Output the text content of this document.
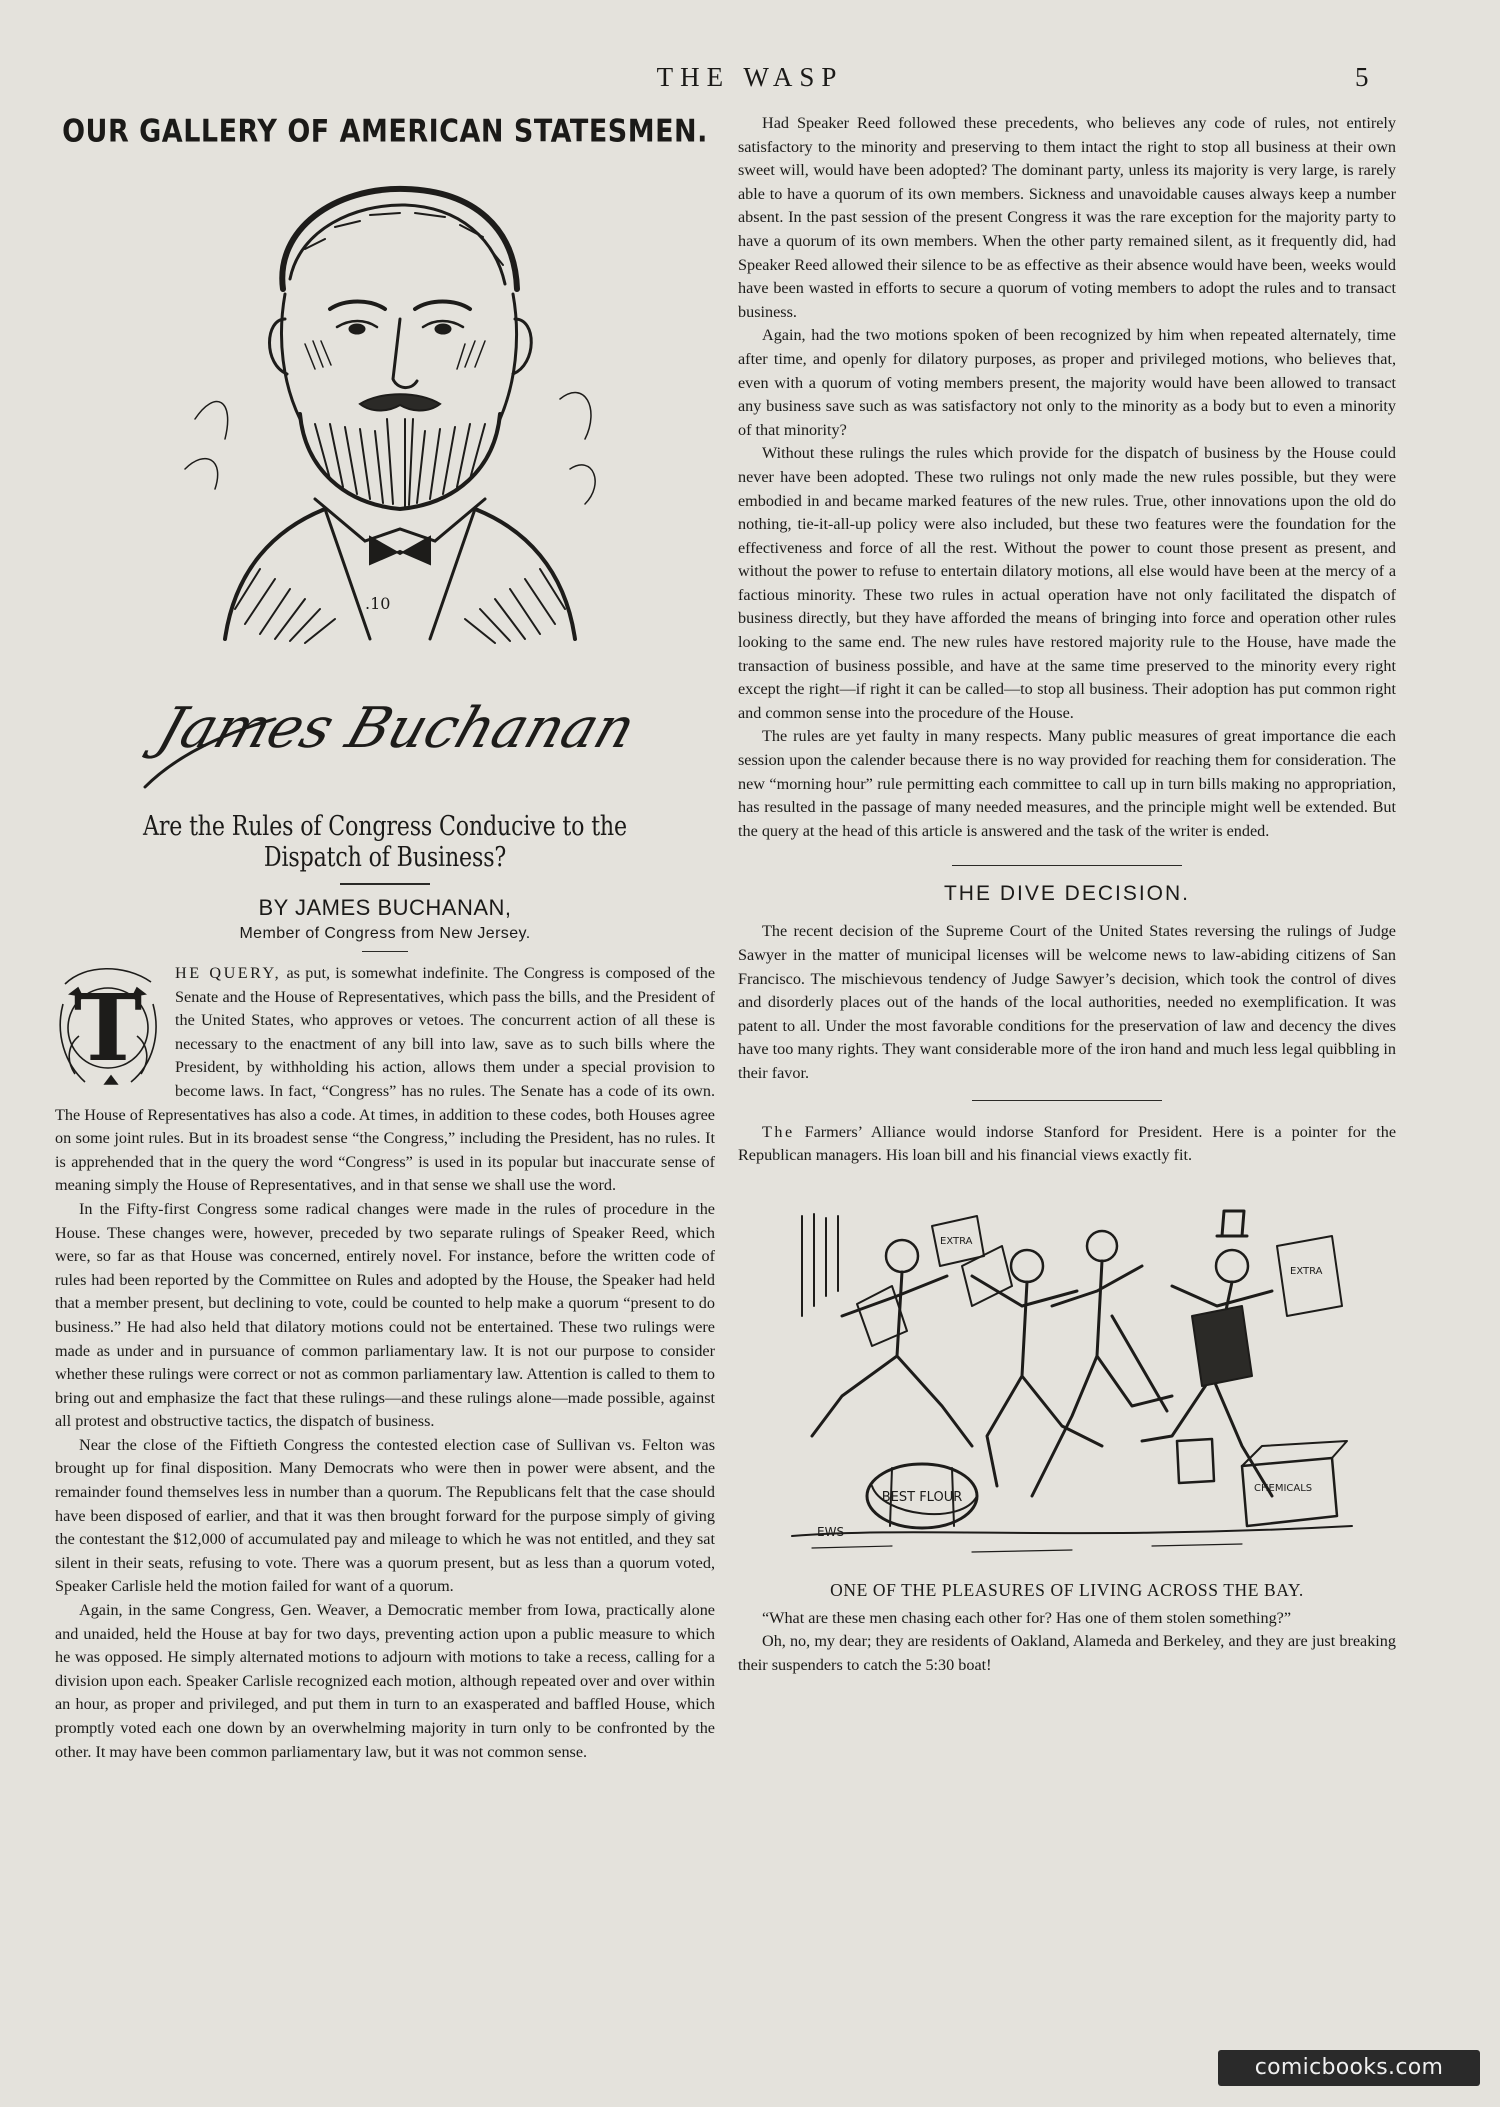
THE WASP	5
OUR GALLERY OF AMERICAN STATESMEN.
.10
James Buchanan
Are the Rules of Congress Conducive to the Dispatch of Business?
BY JAMES BUCHANAN,
Member of Congress from New Jersey.
T

HE QUERY, as put, is somewhat indefinite. The Congress is composed of the Senate and the House of Representatives, which pass the bills, and the President of the United States, who approves or vetoes. The concurrent action of all these is necessary to the enactment of any bill into law, save as to such bills where the President, by withholding his action, allows them under a special provision to become laws. In fact, “Congress” has no rules. The Senate has a code of its own. The House of Representatives has also a code. At times, in addition to these codes, both Houses agree on some joint rules. But in its broadest sense “the Congress,” including the President, has no rules. It is apprehended that in the query the word “Congress” is used in its popular but inaccurate sense of meaning simply the House of Representatives, and in that sense we shall use the word.

In the Fifty-first Congress some radical changes were made in the rules of procedure in the House. These changes were, however, preceded by two separate rulings of Speaker Reed, which were, so far as that House was concerned, entirely novel. For instance, before the written code of rules had been reported by the Committee on Rules and adopted by the House, the Speaker had held that a member present, but declining to vote, could be counted to help make a quorum “present to do business.” He had also held that dilatory motions could not be entertained. These two rulings were made as under and in pursuance of common parliamentary law. It is not our purpose to consider whether these rulings were correct or not as common parliamentary law. Attention is called to them to bring out and emphasize the fact that these rulings—and these rulings alone—made possible, against all protest and obstructive tactics, the dispatch of business.

Near the close of the Fiftieth Congress the contested election case of Sullivan vs. Felton was brought up for final disposition. Many Democrats who were then in power were absent, and the remainder found themselves less in number than a quorum. The Republicans felt that the case should have been disposed of earlier, and that it was then brought forward for the purpose simply of giving the contestant the $12,000 of accumulated pay and mileage to which he was not entitled, and they sat silent in their seats, refusing to vote. There was a quorum present, but as less than a quorum voted, Speaker Carlisle held the motion failed for want of a quorum.

Again, in the same Congress, Gen. Weaver, a Democratic member from Iowa, practically alone and unaided, held the House at bay for two days, preventing action upon a public measure to which he was opposed. He simply alternated motions to adjourn with motions to take a recess, calling for a division upon each. Speaker Carlisle recognized each motion, although repeated over and over within an hour, as proper and privileged, and put them in turn to an exasperated and baffled House, which promptly voted each one down by an overwhelming majority in turn only to be confronted by the other. It may have been common parliamentary law, but it was not common sense.

Had Speaker Reed followed these precedents, who believes any code of rules, not entirely satisfactory to the minority and preserving to them intact the right to stop all business at their own sweet will, would have been adopted? The dominant party, unless its majority is very large, is rarely able to have a quorum of its own members. Sickness and unavoidable causes always keep a number absent. In the past session of the present Congress it was the rare exception for the majority party to have a quorum of its own members. When the other party remained silent, as it frequently did, had Speaker Reed allowed their silence to be as effective as their absence would have been, weeks would have been wasted in efforts to secure a quorum of voting members to adopt the rules and to transact business.

Again, had the two motions spoken of been recognized by him when repeated alternately, time after time, and openly for dilatory purposes, as proper and privileged motions, who believes that, even with a quorum of voting members present, the majority would have been allowed to transact any business save such as was satisfactory not only to the minority as a body but to even a minority of that minority?

Without these rulings the rules which provide for the dispatch of business by the House could never have been adopted. These two rulings not only made the new rules possible, but they were embodied in and became marked features of the new rules. True, other innovations upon the old do nothing, tie-it-all-up policy were also included, but these two features were the foundation for the effectiveness and force of all the rest. Without the power to count those present as present, and without the power to refuse to entertain dilatory motions, all else would have been at the mercy of a factious minority. These two rules in actual operation have not only facilitated the dispatch of business directly, but they have afforded the means of bringing into force and operation other rules looking to the same end. The new rules have restored majority rule to the House, have made the transaction of business possible, and have at the same time preserved to the minority every right except the right—if right it can be called—to stop all business. Their adoption has put common right and common sense into the procedure of the House.

The rules are yet faulty in many respects. Many public measures of great importance die each session upon the calender because there is no way provided for reaching them for consideration. The new “morning hour” rule permitting each committee to call up in turn bills making no appropriation, has resulted in the passage of many needed measures, and the principle might well be extended. But the query at the head of this article is answered and the task of the writer is ended.

THE DIVE DECISION.

The recent decision of the Supreme Court of the United States reversing the rulings of Judge Sawyer in the matter of municipal licenses will be welcome news to law-abiding citizens of San Francisco. The mischievous tendency of Judge Sawyer’s decision, which took the control of dives and disorderly places out of the hands of the local authorities, needed no exemplification. It was patent to all. Under the most favorable conditions for the preservation of law and decency the dives have too many rights. They want considerable more of the iron hand and much less legal quibbling in their favor.

The Farmers’ Alliance would indorse Stanford for President. Here is a pointer for the Republican managers. His loan bill and his financial views exactly fit.

EXTRA
EXTRA
BEST FLOUR
CHEMICALS
EWS
ONE OF THE PLEASURES OF LIVING ACROSS THE BAY.

“What are these men chasing each other for? Has one of them stolen something?”

Oh, no, my dear; they are residents of Oakland, Alameda and Berkeley, and they are just breaking their suspenders to catch the 5:30 boat!

comicbooks.com
